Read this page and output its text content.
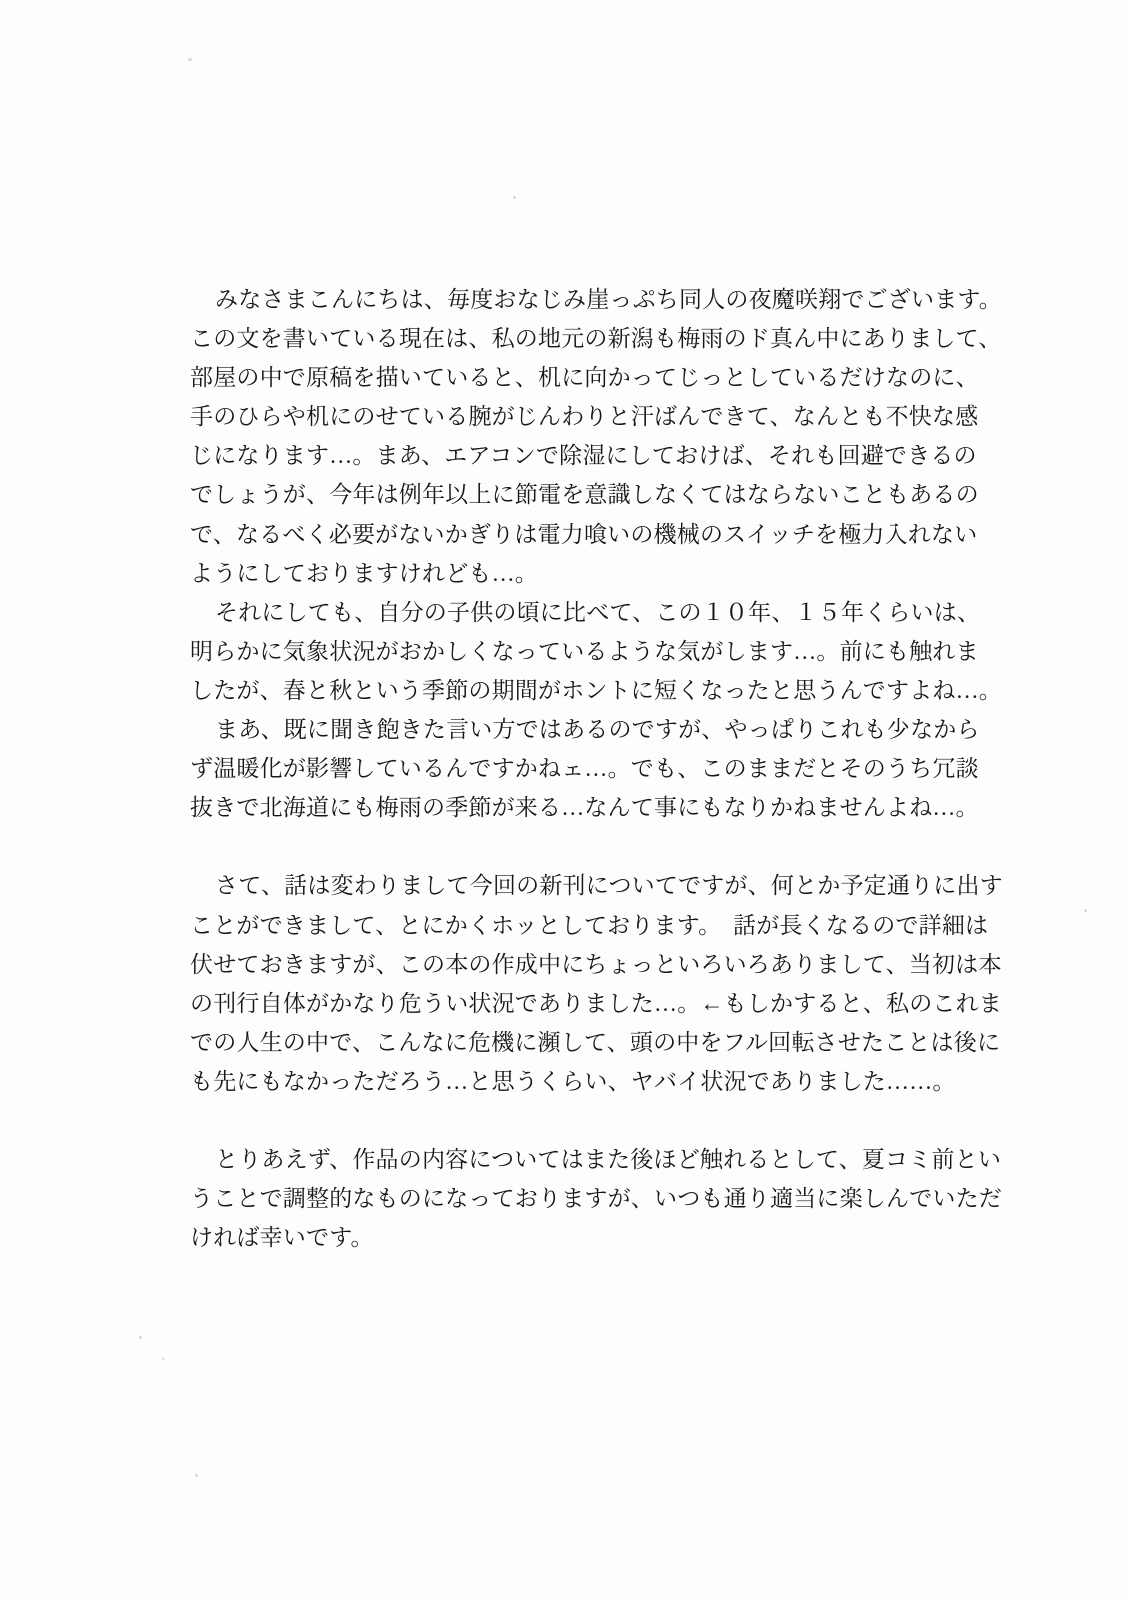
みなさまこんにちは、毎度おなじみ崖っぷち同人の夜魔咲翔でございます。
この文を書いている現在は、私の地元の新潟も梅雨のド真ん中にありまして、
部屋の中で原稿を描いていると、机に向かってじっとしているだけなのに、
手のひらや机にのせている腕がじんわりと汗ばんできて、なんとも不快な感
じになります…。まあ、エアコンで除湿にしておけば、それも回避できるの
でしょうが、今年は例年以上に節電を意識しなくてはならないこともあるの
で、なるべく必要がないかぎりは電力喰いの機械のスイッチを極力入れない
ようにしておりますけれども…。
それにしても、自分の子供の頃に比べて、この１０年、１５年くらいは、
明らかに気象状況がおかしくなっているような気がします…。前にも触れま
したが、春と秋という季節の期間がホントに短くなったと思うんですよね…。
まあ、既に聞き飽きた言い方ではあるのですが、やっぱりこれも少なから
ず温暖化が影響しているんですかねェ…。でも、このままだとそのうち冗談
抜きで北海道にも梅雨の季節が来る…なんて事にもなりかねませんよね…。
さて、話は変わりまして今回の新刊についてですが、何とか予定通りに出す
ことができまして、とにかくホッとしております。　話が長くなるので詳細は
伏せておきますが、この本の作成中にちょっといろいろありまして、当初は本
の刊行自体がかなり危うい状況でありました…。←もしかすると、私のこれま
での人生の中で、こんなに危機に瀕して、頭の中をフル回転させたことは後に
も先にもなかっただろう…と思うくらい、ヤバイ状況でありました……。
とりあえず、作品の内容についてはまた後ほど触れるとして、夏コミ前とい
うことで調整的なものになっておりますが、いつも通り適当に楽しんでいただ
ければ幸いです。
